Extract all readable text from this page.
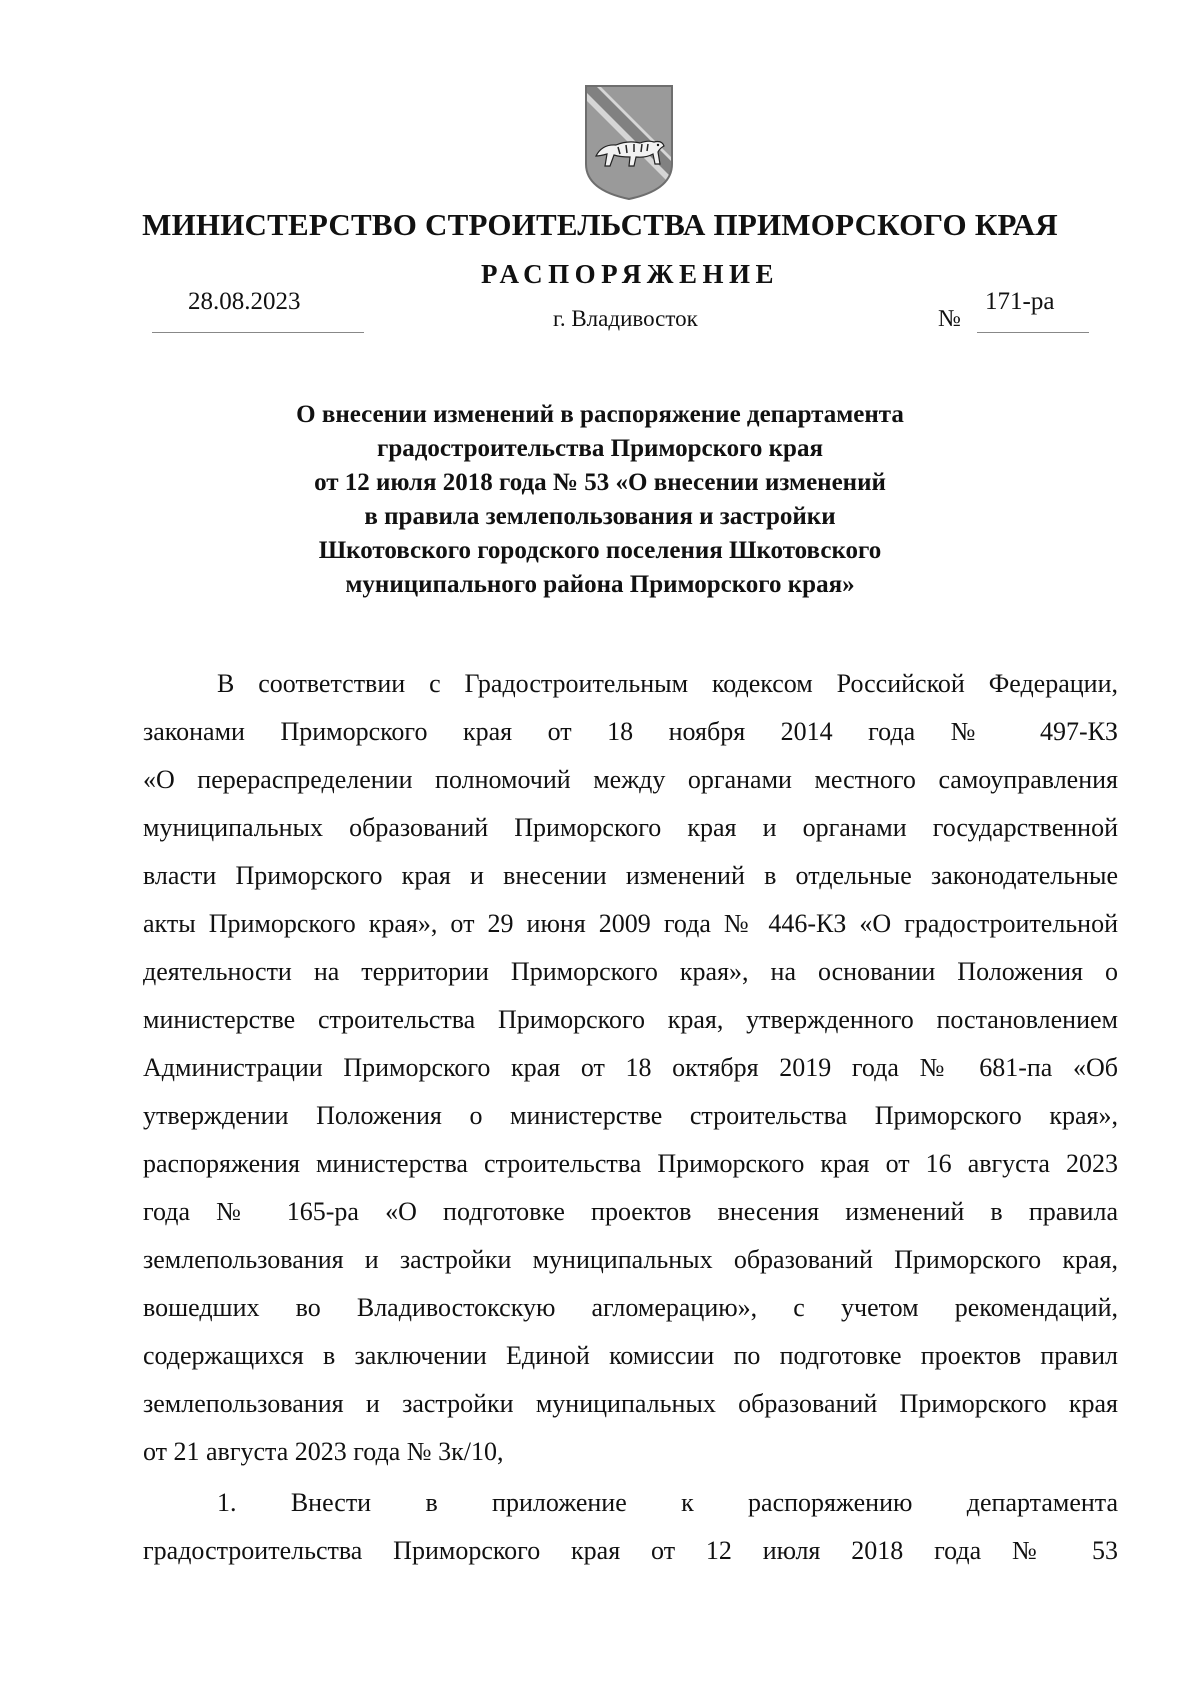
МИНИСТЕРСТВО СТРОИТЕЛЬСТВА ПРИМОРСКОГО КРАЯ
РАСПОРЯЖЕНИЕ
28.08.2023
г. Владивосток	№
171-ра
О внесении изменений в распоряжение департамента
градостроительства Приморского края
от 12 июля 2018 года № 53 «О внесении изменений
в правила землепользования и застройки
Шкотовского городского поселения Шкотовского
муниципального района Приморского края»
В соответствии с Градостроительным кодексом Российской Федерации,
законами Приморского края от 18 ноября 2014 года № 497-КЗ
«О перераспределении полномочий между органами местного самоуправления
муниципальных образований Приморского края и органами государственной
власти Приморского края и внесении изменений в отдельные законодательные
акты Приморского края», от 29 июня 2009 года № 446-КЗ «О градостроительной
деятельности на территории Приморского края», на основании Положения о
министерстве строительства Приморского края, утвержденного постановлением
Администрации Приморского края от 18 октября 2019 года № 681-па «Об
утверждении Положения о министерстве строительства Приморского края»,
распоряжения министерства строительства Приморского края от 16 августа 2023
года № 165-ра «О подготовке проектов внесения изменений в правила
землепользования и застройки муниципальных образований Приморского края,
вошедших во Владивостокскую агломерацию», с учетом рекомендаций,
содержащихся в заключении Единой комиссии по подготовке проектов правил
землепользования и застройки муниципальных образований Приморского края
от 21 августа 2023 года № 3к/10,
1. Внести в приложение к распоряжению департамента
градостроительства Приморского края от 12 июля 2018 года № 53
